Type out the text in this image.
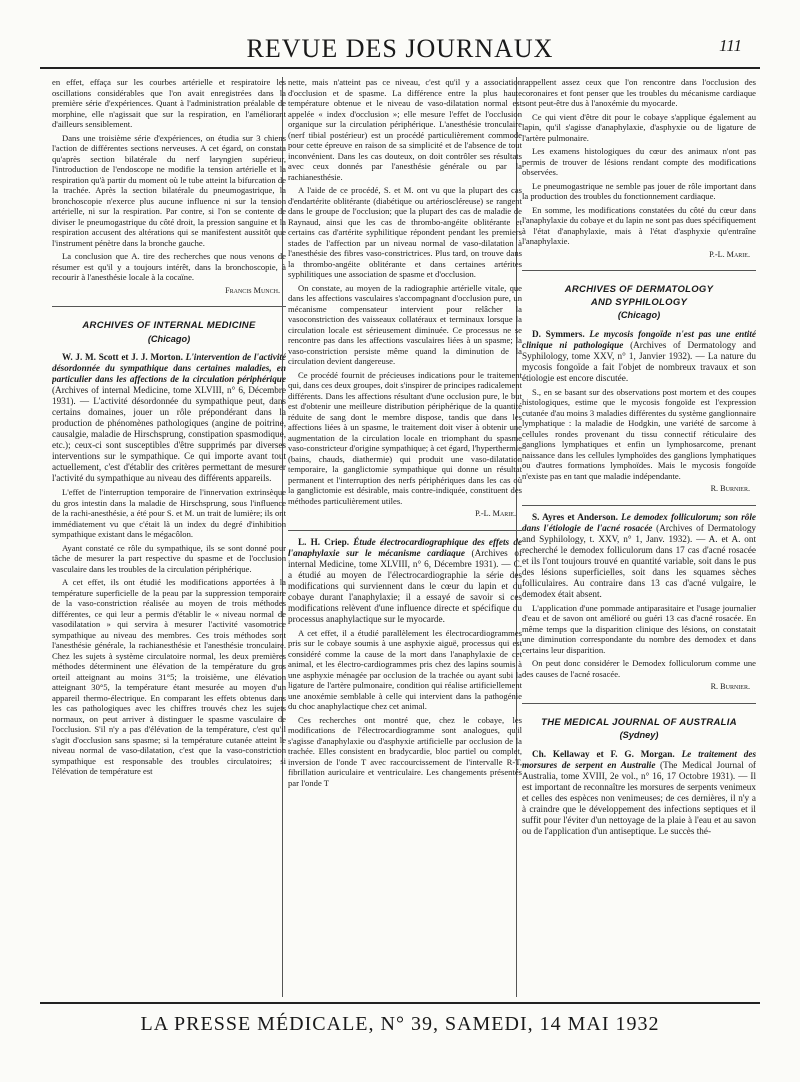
REVUE DES JOURNAUX	111

en effet, effaça sur les courbes artérielle et respiratoire les oscillations considérables que l'on avait enregistrées dans la première série d'expériences. Quant à l'administration préalable de morphine, elle n'agissait que sur la respiration, en l'améliorant d'ailleurs sensiblement.

Dans une troisième série d'expériences, on étudia sur 3 chiens l'action de différentes sections nerveuses. A cet égard, on constata qu'après section bilatérale du nerf laryngien supérieur, l'introduction de l'endoscope ne modifie la tension artérielle et la respiration qu'à partir du moment où le tube atteint la bifurcation de la trachée. Après la section bilatérale du pneumogastrique, la bronchoscopie n'exerce plus aucune influence ni sur la tension artérielle, ni sur la respiration. Par contre, si l'on se contente de diviser le pneumogastrique du côté droit, la pression sanguine et la respiration accusent des altérations qui se manifestent aussitôt que l'instrument pénètre dans la bronche gauche.

La conclusion que A. tire des recherches que nous venons de résumer est qu'il y a toujours intérêt, dans la bronchoscopie, à recourir à l'anesthésie locale à la cocaïne.

Francis Munch.
ARCHIVES OF INTERNAL MEDICINE
(Chicago)

W. J. M. Scott et J. J. Morton. L'intervention de l'activité désordonnée du sympathique dans certaines maladies, en particulier dans les affections de la circulation périphérique (Archives of internal Medicine, tome XLVIII, n° 6, Décembre 1931). — L'activité désordonnée du sympathique peut, dans certains domaines, jouer un rôle prépondérant dans la production de phénomènes pathologiques (angine de poitrine, causalgie, maladie de Hirschsprung, constipation spasmodique, etc.); ceux-ci sont susceptibles d'être supprimés par diverses interventions sur le sympathique. Ce qui importe avant tout actuellement, c'est d'établir des critères permettant de mesurer l'activité du sympathique au niveau des différents appareils.

L'effet de l'interruption temporaire de l'innervation extrinsèque du gros intestin dans la maladie de Hirschsprung, sous l'influence de la rachi-anesthésie, a été pour S. et M. un trait de lumière; ils ont immédiatement vu que c'était là un index du degré d'inhibition sympathique existant dans le mégacôlon.

Ayant constaté ce rôle du sympathique, ils se sont donné pour tâche de mesurer la part respective du spasme et de l'occlusion vasculaire dans les troubles de la circulation périphérique.

A cet effet, ils ont étudié les modifications apportées à la température superficielle de la peau par la suppression temporaire de la vaso-constriction réalisée au moyen de trois méthodes différentes, ce qui leur a permis d'établir le « niveau normal de vasodilatation » qui servira à mesurer l'activité vasomotrice sympathique au niveau des membres. Ces trois méthodes sont l'anesthésie générale, la rachianesthésie et l'anesthésie tronculaire. Chez les sujets à système circulatoire normal, les deux premières méthodes déterminent une élévation de la température du gros orteil atteignant au moins 31°5; la troisième, une élévation atteignant 30°5, la température étant mesurée au moyen d'un appareil thermo-électrique. En comparant les effets obtenus dans les cas pathologiques avec les chiffres trouvés chez les sujets normaux, on peut arriver à distinguer le spasme vasculaire de l'occlusion. S'il n'y a pas d'élévation de la température, c'est qu'il s'agit d'occlusion sans spasme; si la température cutanée atteint le niveau normal de vaso-dilatation, c'est que la vaso-constriction sympathique est responsable des troubles circulatoires; si l'élévation de température est

nette, mais n'atteint pas ce niveau, c'est qu'il y a association d'occlusion et de spasme. La différence entre la plus haute température obtenue et le niveau de vaso-dilatation normal est appelée « index d'occlusion »; elle mesure l'effet de l'occlusion organique sur la circulation périphérique. L'anesthésie tronculaire (nerf tibial postérieur) est un procédé particulièrement commode pour cette épreuve en raison de sa simplicité et de l'absence de tout inconvénient. Dans les cas douteux, on doit contrôler ses résultats avec ceux donnés par l'anesthésie générale ou par la rachianesthésie.

A l'aide de ce procédé, S. et M. ont vu que la plupart des cas d'endartérite oblitérante (diabétique ou artérioscléreuse) se rangent dans le groupe de l'occlusion; que la plupart des cas de maladie de Raynaud, ainsi que les cas de thrombo-angéite oblitérante et certains cas d'artérite syphilitique répondent pendant les premiers stades de l'affection par un niveau normal de vaso-dilatation à l'anesthésie des fibres vaso-constrictrices. Plus tard, on trouve dans la thrombo-angéite oblitérante et dans certaines artérites syphilitiques une association de spasme et d'occlusion.

On constate, au moyen de la radiographie artérielle vitale, que dans les affections vasculaires s'accompagnant d'occlusion pure, un mécanisme compensateur intervient pour relâcher la vasoconstriction des vaisseaux collatéraux et terminaux lorsque la circulation locale est sérieusement diminuée. Ce processus ne se rencontre pas dans les affections vasculaires liées à un spasme; la vaso-constriction persiste même quand la diminution de la circulation devient dangereuse.

Ce procédé fournit de précieuses indications pour le traitement qui, dans ces deux groupes, doit s'inspirer de principes radicalement différents. Dans les affections résultant d'une occlusion pure, le but est d'obtenir une meilleure distribution périphérique de la quantité réduite de sang dont le membre dispose, tandis que dans les affections liées à un spasme, le traitement doit viser à obtenir une augmentation de la circulation locale en triomphant du spasme vaso-constricteur d'origine sympathique; à cet égard, l'hyperthermie (bains, chauds, diathermie) qui produit une vaso-dilatation temporaire, la ganglictomie sympathique qui donne un résultat permanent et l'interruption des nerfs périphériques dans les cas où la ganglictomie est désirable, mais contre-indiquée, constituent des méthodes particulièrement utiles.

P.-L. Marie.

L. H. Criep. Étude électrocardiographique des effets de l'anaphylaxie sur le mécanisme cardiaque (Archives of internal Medicine, tome XLVIII, n° 6, Décembre 1931). — C. a étudié au moyen de l'électrocardiographie la série des modifications qui surviennent dans le cœur du lapin et du cobaye durant l'anaphylaxie; il a essayé de savoir si ces modifications relèvent d'une influence directe et spécifique du processus anaphylactique sur le myocarde.

A cet effet, il a étudié parallèlement les électrocardiogrammes pris sur le cobaye soumis à une asphyxie aiguë, processus qui est considéré comme la cause de la mort dans l'anaphylaxie de cet animal, et les électro-cardiogrammes pris chez des lapins soumis à une asphyxie ménagée par occlusion de la trachée ou ayant subi la ligature de l'artère pulmonaire, condition qui réalise artificiellement une anoxémie semblable à celle qui intervient dans la pathogénie du choc anaphylactique chez cet animal.

Ces recherches ont montré que, chez le cobaye, les modifications de l'électrocardiogramme sont analogues, qu'il s'agisse d'anaphylaxie ou d'asphyxie artificielle par occlusion de la trachée. Elles consistent en bradycardie, bloc partiel ou complet, inversion de l'onde T avec raccourcissement de l'intervalle R-T, fibrillation auriculaire et ventriculaire. Les changements présentés par l'onde T

rappellent assez ceux que l'on rencontre dans l'occlusion des coronaires et font penser que les troubles du mécanisme cardiaque sont peut-être dus à l'anoxémie du myocarde.

Ce qui vient d'être dit pour le cobaye s'applique également au lapin, qu'il s'agisse d'anaphylaxie, d'asphyxie ou de ligature de l'artère pulmonaire.

Les examens histologiques du cœur des animaux n'ont pas permis de trouver de lésions rendant compte des modifications observées.

Le pneumogastrique ne semble pas jouer de rôle important dans la production des troubles du fonctionnement cardiaque.

En somme, les modifications constatées du côté du cœur dans l'anaphylaxie du cobaye et du lapin ne sont pas dues spécifiquement à l'état d'anaphylaxie, mais à l'état d'asphyxie qu'entraîne l'anaphylaxie.

P.-L. Marie.
ARCHIVES OF DERMATOLOGY
AND SYPHILOLOGY
(Chicago)

D. Symmers. Le mycosis fongoïde n'est pas une entité clinique ni pathologique (Archives of Dermatology and Syphilology, tome XXV, n° 1, Janvier 1932). — La nature du mycosis fongoïde a fait l'objet de nombreux travaux et son étiologie est encore discutée.

S., en se basant sur des observations post mortem et des coupes histologiques, estime que le mycosis fongoïde est l'expression cutanée d'au moins 3 maladies différentes du système ganglionnaire lymphatique : la maladie de Hodgkin, une variété de sarcome à cellules rondes provenant du tissu connectif réticulaire des ganglions lymphatiques et enfin un lymphosarcome, prenant naissance dans les cellules lymphoïdes des ganglions lymphatiques ou d'autres formations lymphoïdes. Mais le mycosis fongoïde n'existe pas en tant que maladie indépendante.

R. Burnier.

S. Ayres et Anderson. Le demodex folliculorum; son rôle dans l'étiologie de l'acné rosacée (Archives of Dermatology and Syphilology, t. XXV, n° 1, Janv. 1932). — A. et A. ont recherché le demodex folliculorum dans 17 cas d'acné rosacée et ils l'ont toujours trouvé en quantité variable, soit dans le pus des lésions superficielles, soit dans les squames sèches folliculaires. Au contraire dans 13 cas d'acné vulgaire, le demodex était absent.

L'application d'une pommade antiparasitaire et l'usage journalier d'eau et de savon ont amélioré ou guéri 13 cas d'acné rosacée. En même temps que la disparition clinique des lésions, on constatait une diminution correspondante du nombre des demodex et dans certains leur disparition.

On peut donc considérer le Demodex folliculorum comme une des causes de l'acné rosacée.

R. Burnier.
THE MEDICAL JOURNAL OF AUSTRALIA
(Sydney)

Ch. Kellaway et F. G. Morgan. Le traitement des morsures de serpent en Australie (The Medical Journal of Australia, tome XVIII, 2e vol., n° 16, 17 Octobre 1931). — Il est important de reconnaître les morsures de serpents venimeux et celles des espèces non venimeuses; de ces dernières, il n'y a à craindre que le développement des infections septiques et il suffit pour l'éviter d'un nettoyage de la plaie à l'eau et au savon ou de l'application d'un antiseptique. Le succès thé-

LA PRESSE MÉDICALE, N° 39, SAMEDI, 14 MAI 1932
